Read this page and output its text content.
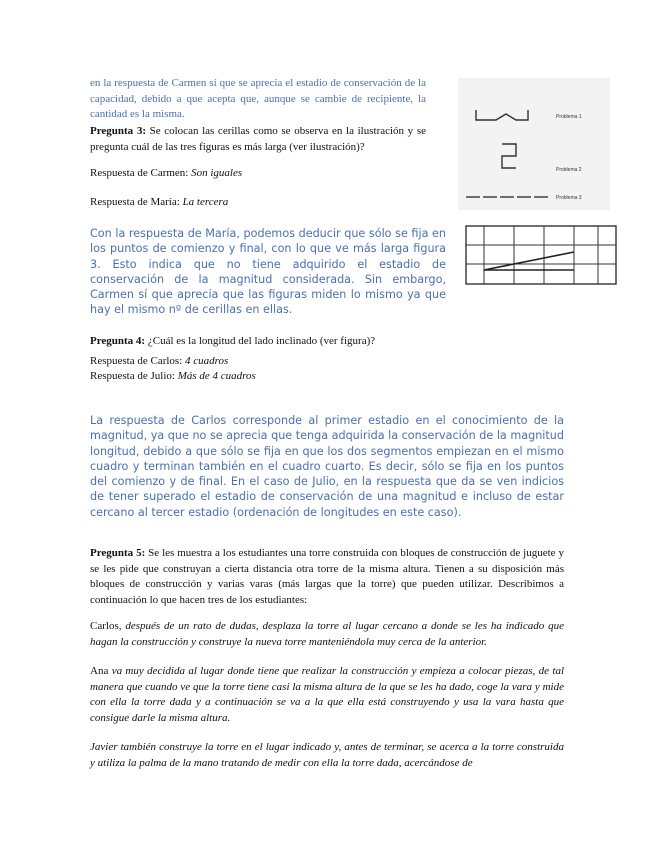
en la respuesta de Carmen sí que se aprecia el estadio de conservación de la capacidad, debido a que acepta que, aunque se cambie de recipiente, la cantidad es la misma.
Pregunta 3: Se colocan las cerillas como se observa en la ilustración y se pregunta cuál de las tres figuras es más larga (ver ilustración)?
Respuesta de Carmen: Son iguales
Respuesta de María: La tercera
Problema 1
Problema 2
Problema 3
Con la respuesta de María, podemos deducir que sólo se fija en los puntos de comienzo y final, con lo que ve más larga figura 3. Esto indica que no tiene adquirido el estadio de conservación de la magnitud considerada. Sin embargo, Carmen sí que aprecia que las figuras miden lo mismo ya que hay el mismo nº de cerillas en ellas.
Pregunta 4: ¿Cuál es la longitud del lado inclinado (ver figura)?
Respuesta de Carlos: 4 cuadros
Respuesta de Julio: Más de 4 cuadros
La respuesta de Carlos corresponde al primer estadio en el conocimiento de la magnitud, ya que no se aprecia que tenga adquirida la conservación de la magnitud longitud, debido a que sólo se fija en que los dos segmentos empiezan en el mismo cuadro y terminan también en el cuadro cuarto. Es decir, sólo se fija en los puntos del comienzo y de final. En el caso de Julio, en la respuesta que da se ven indicios de tener superado el estadio de conservación de una magnitud e incluso de estar cercano al tercer estadio (ordenación de longitudes en este caso).
Pregunta 5: Se les muestra a los estudiantes una torre construida con bloques de construcción de juguete y se les pide que construyan a cierta distancia otra torre de la misma altura. Tienen a su disposición más bloques de construcción y varias varas (más largas que la torre) que pueden utilizar. Describimos a continuación lo que hacen tres de los estudiantes:
Carlos, después de un rato de dudas, desplaza la torre al lugar cercano a donde se les ha indicado que hagan la construcción y construye la nueva torre manteniéndola muy cerca de la anterior.
Ana va muy decidida al lugar donde tiene que realizar la construcción y empieza a colocar piezas, de tal manera que cuando ve que la torre tiene casi la misma altura de la que se les ha dado, coge la vara y mide con ella la torre dada y a continuación se va a la que ella está construyendo y usa la vara hasta que consigue darle la misma altura.
Javier también construye la torre en el lugar indicado y, antes de terminar, se acerca a la torre construida y utiliza la palma de la mano tratando de medir con ella la torre dada, acercándose de
